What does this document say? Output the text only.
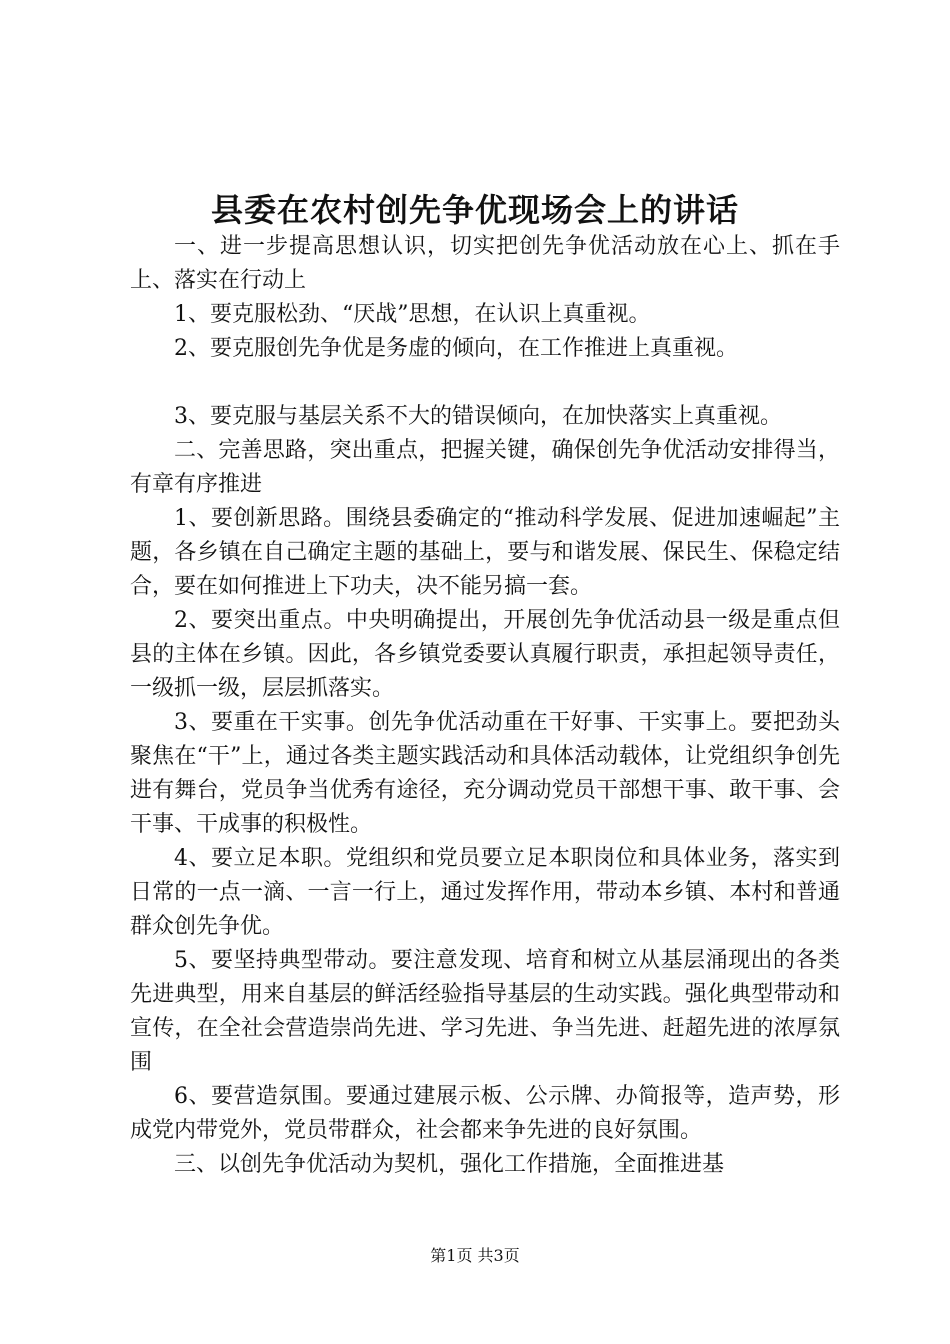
县委在农村创先争优现场会上的讲话

一、进一步提高思想认识，切实把创先争优活动放在心上、抓在手上、落实在行动上

1、要克服松劲、“厌战”思想，在认识上真重视。

2、要克服创先争优是务虚的倾向，在工作推进上真重视。

3、要克服与基层关系不大的错误倾向，在加快落实上真重视。

二、完善思路，突出重点，把握关键，确保创先争优活动安排得当，有章有序推进

1、要创新思路。围绕县委确定的“推动科学发展、促进加速崛起”主题，各乡镇在自己确定主题的基础上，要与和谐发展、保民生、保稳定结合，要在如何推进上下功夫，决不能另搞一套。

2、要突出重点。中央明确提出，开展创先争优活动县一级是重点但县的主体在乡镇。因此，各乡镇党委要认真履行职责，承担起领导责任，一级抓一级，层层抓落实。

3、要重在干实事。创先争优活动重在干好事、干实事上。要把劲头聚焦在“干”上，通过各类主题实践活动和具体活动载体，让党组织争创先进有舞台，党员争当优秀有途径，充分调动党员干部想干事、敢干事、会干事、干成事的积极性。

4、要立足本职。党组织和党员要立足本职岗位和具体业务，落实到日常的一点一滴、一言一行上，通过发挥作用，带动本乡镇、本村和普通群众创先争优。

5、要坚持典型带动。要注意发现、培育和树立从基层涌现出的各类先进典型，用来自基层的鲜活经验指导基层的生动实践。强化典型带动和宣传，在全社会营造崇尚先进、学习先进、争当先进、赶超先进的浓厚氛围

6、要营造氛围。要通过建展示板、公示牌、办简报等，造声势，形成党内带党外，党员带群众，社会都来争先进的良好氛围。

三、以创先争优活动为契机，强化工作措施，全面推进基

第1页 共3页
